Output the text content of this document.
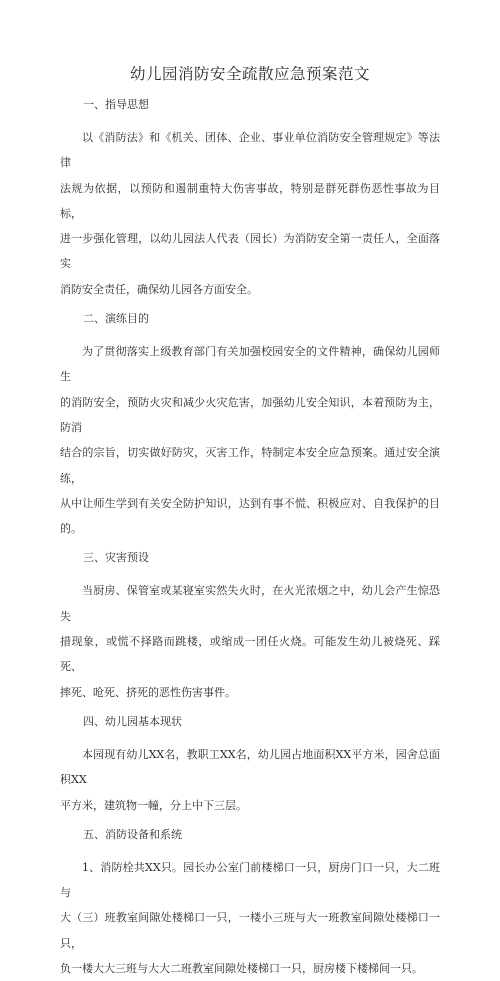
幼儿园消防安全疏散应急预案范文
一、指导思想

以《消防法》和《机关、团体、企业、事业单位消防安全管理规定》等法律
法规为依据，以预防和遏制重特大伤害事故，特别是群死群伤恶性事故为目标，
进一步强化管理，以幼儿园法人代表（园长）为消防安全第一责任人，全面落实
消防安全责任，确保幼儿园各方面安全。

二、演练目的

为了贯彻落实上级教育部门有关加强校园安全的文件精神，确保幼儿园师生
的消防安全，预防火灾和减少火灾危害，加强幼儿安全知识，本着预防为主，防消
结合的宗旨，切实做好防灾，灭害工作，特制定本安全应急预案。通过安全演练，
从中让师生学到有关安全防护知识，达到有事不慌、积极应对、自我保护的目的。

三、灾害预设

当厨房、保管室或某寝室实然失火时，在火光浓烟之中，幼儿会产生惊恐失
措现象，或慌不择路而跳楼，或缩成一团任火烧。可能发生幼儿被烧死、踩死、
摔死、呛死、挤死的恶性伤害事件。

四、幼儿园基本现状

本园现有幼儿XX名，教职工XX名，幼儿园占地面积XX平方米，园舍总面积XX
平方米，建筑物一幢，分上中下三层。

五、消防设备和系统

1、消防栓共XX只。园长办公室门前楼梯口一只，厨房门口一只，大二班与
大（三）班教室间隙处楼梯口一只，一楼小三班与大一班教室间隙处楼梯口一只，
负一楼大大三班与大大二班教室间隙处楼梯口一只，厨房楼下楼梯间一只。
